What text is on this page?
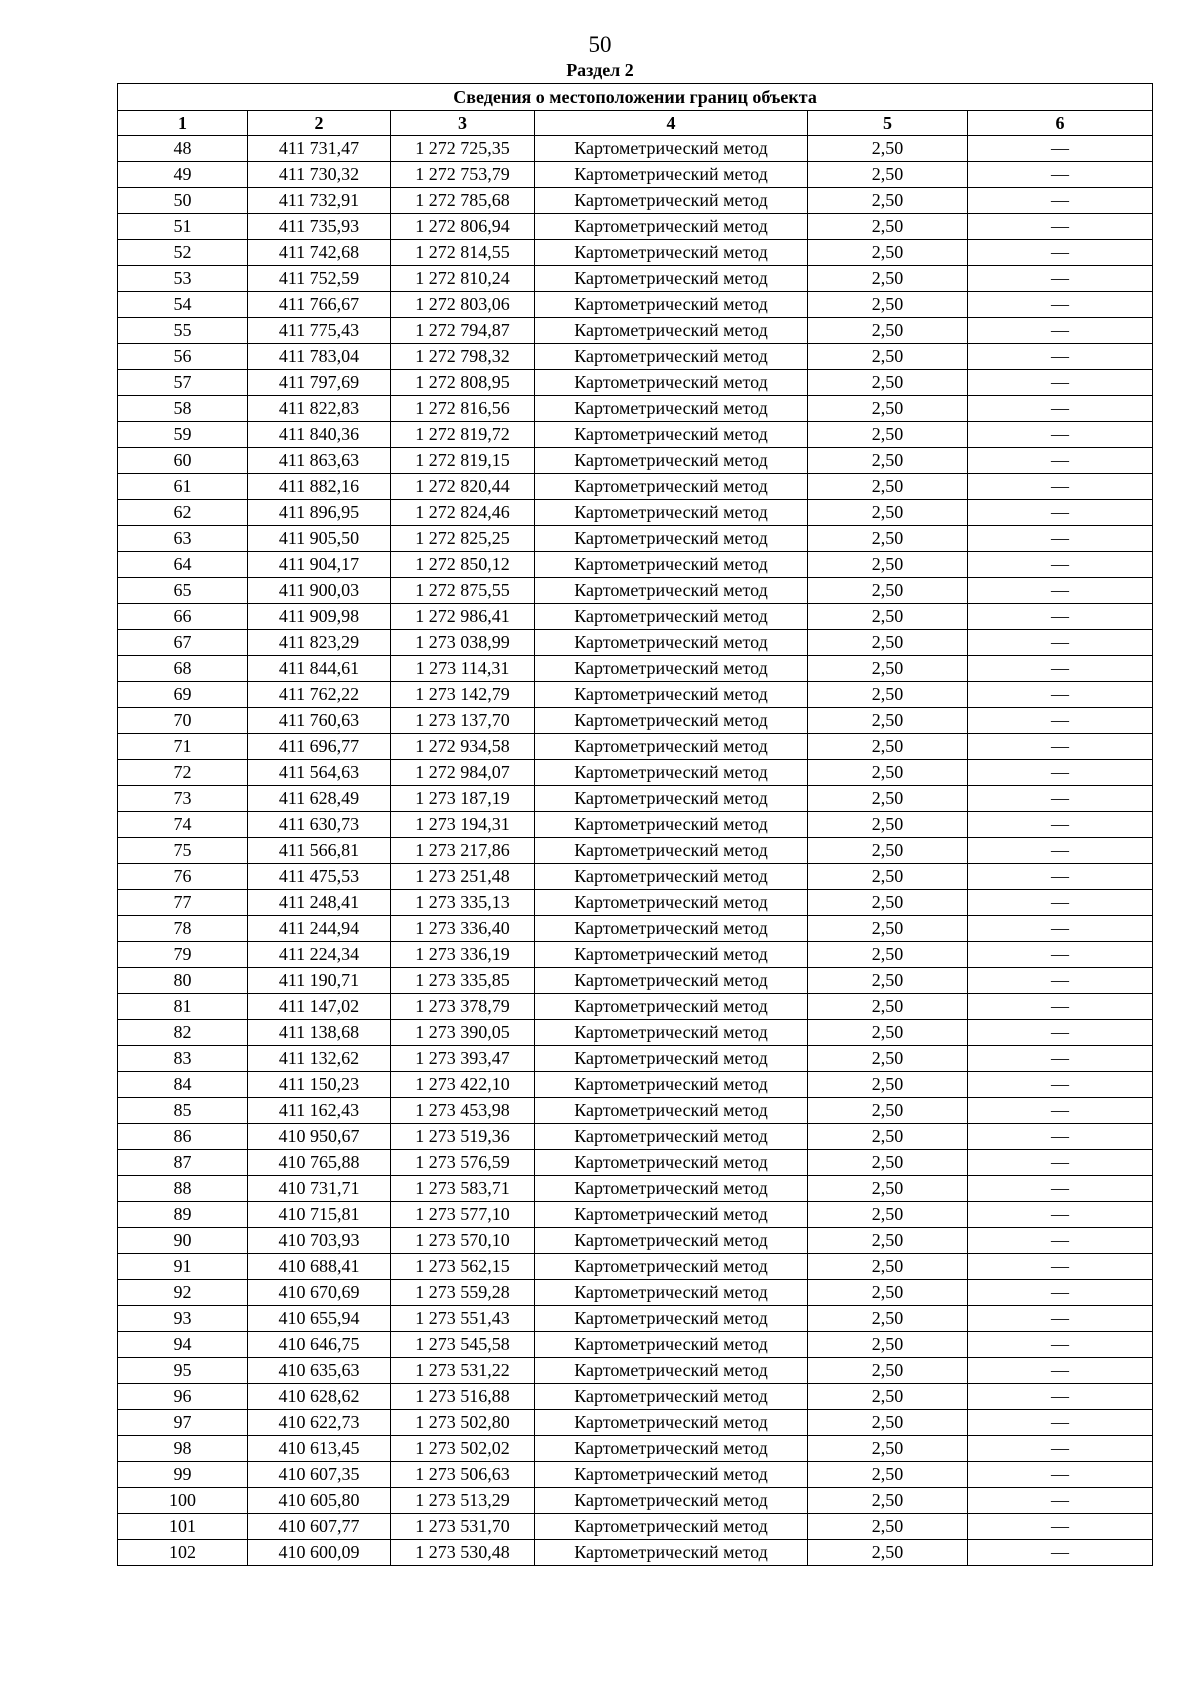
50
Раздел 2
Сведения о местоположении границ объекта					
1	2	3	4	5	6
48	411 731,47	1 272 725,35	Картометрический метод	2,50	—
49	411 730,32	1 272 753,79	Картометрический метод	2,50	—
50	411 732,91	1 272 785,68	Картометрический метод	2,50	—
51	411 735,93	1 272 806,94	Картометрический метод	2,50	—
52	411 742,68	1 272 814,55	Картометрический метод	2,50	—
53	411 752,59	1 272 810,24	Картометрический метод	2,50	—
54	411 766,67	1 272 803,06	Картометрический метод	2,50	—
55	411 775,43	1 272 794,87	Картометрический метод	2,50	—
56	411 783,04	1 272 798,32	Картометрический метод	2,50	—
57	411 797,69	1 272 808,95	Картометрический метод	2,50	—
58	411 822,83	1 272 816,56	Картометрический метод	2,50	—
59	411 840,36	1 272 819,72	Картометрический метод	2,50	—
60	411 863,63	1 272 819,15	Картометрический метод	2,50	—
61	411 882,16	1 272 820,44	Картометрический метод	2,50	—
62	411 896,95	1 272 824,46	Картометрический метод	2,50	—
63	411 905,50	1 272 825,25	Картометрический метод	2,50	—
64	411 904,17	1 272 850,12	Картометрический метод	2,50	—
65	411 900,03	1 272 875,55	Картометрический метод	2,50	—
66	411 909,98	1 272 986,41	Картометрический метод	2,50	—
67	411 823,29	1 273 038,99	Картометрический метод	2,50	—
68	411 844,61	1 273 114,31	Картометрический метод	2,50	—
69	411 762,22	1 273 142,79	Картометрический метод	2,50	—
70	411 760,63	1 273 137,70	Картометрический метод	2,50	—
71	411 696,77	1 272 934,58	Картометрический метод	2,50	—
72	411 564,63	1 272 984,07	Картометрический метод	2,50	—
73	411 628,49	1 273 187,19	Картометрический метод	2,50	—
74	411 630,73	1 273 194,31	Картометрический метод	2,50	—
75	411 566,81	1 273 217,86	Картометрический метод	2,50	—
76	411 475,53	1 273 251,48	Картометрический метод	2,50	—
77	411 248,41	1 273 335,13	Картометрический метод	2,50	—
78	411 244,94	1 273 336,40	Картометрический метод	2,50	—
79	411 224,34	1 273 336,19	Картометрический метод	2,50	—
80	411 190,71	1 273 335,85	Картометрический метод	2,50	—
81	411 147,02	1 273 378,79	Картометрический метод	2,50	—
82	411 138,68	1 273 390,05	Картометрический метод	2,50	—
83	411 132,62	1 273 393,47	Картометрический метод	2,50	—
84	411 150,23	1 273 422,10	Картометрический метод	2,50	—
85	411 162,43	1 273 453,98	Картометрический метод	2,50	—
86	410 950,67	1 273 519,36	Картометрический метод	2,50	—
87	410 765,88	1 273 576,59	Картометрический метод	2,50	—
88	410 731,71	1 273 583,71	Картометрический метод	2,50	—
89	410 715,81	1 273 577,10	Картометрический метод	2,50	—
90	410 703,93	1 273 570,10	Картометрический метод	2,50	—
91	410 688,41	1 273 562,15	Картометрический метод	2,50	—
92	410 670,69	1 273 559,28	Картометрический метод	2,50	—
93	410 655,94	1 273 551,43	Картометрический метод	2,50	—
94	410 646,75	1 273 545,58	Картометрический метод	2,50	—
95	410 635,63	1 273 531,22	Картометрический метод	2,50	—
96	410 628,62	1 273 516,88	Картометрический метод	2,50	—
97	410 622,73	1 273 502,80	Картометрический метод	2,50	—
98	410 613,45	1 273 502,02	Картометрический метод	2,50	—
99	410 607,35	1 273 506,63	Картометрический метод	2,50	—
100	410 605,80	1 273 513,29	Картометрический метод	2,50	—
101	410 607,77	1 273 531,70	Картометрический метод	2,50	—
102	410 600,09	1 273 530,48	Картометрический метод	2,50	—
